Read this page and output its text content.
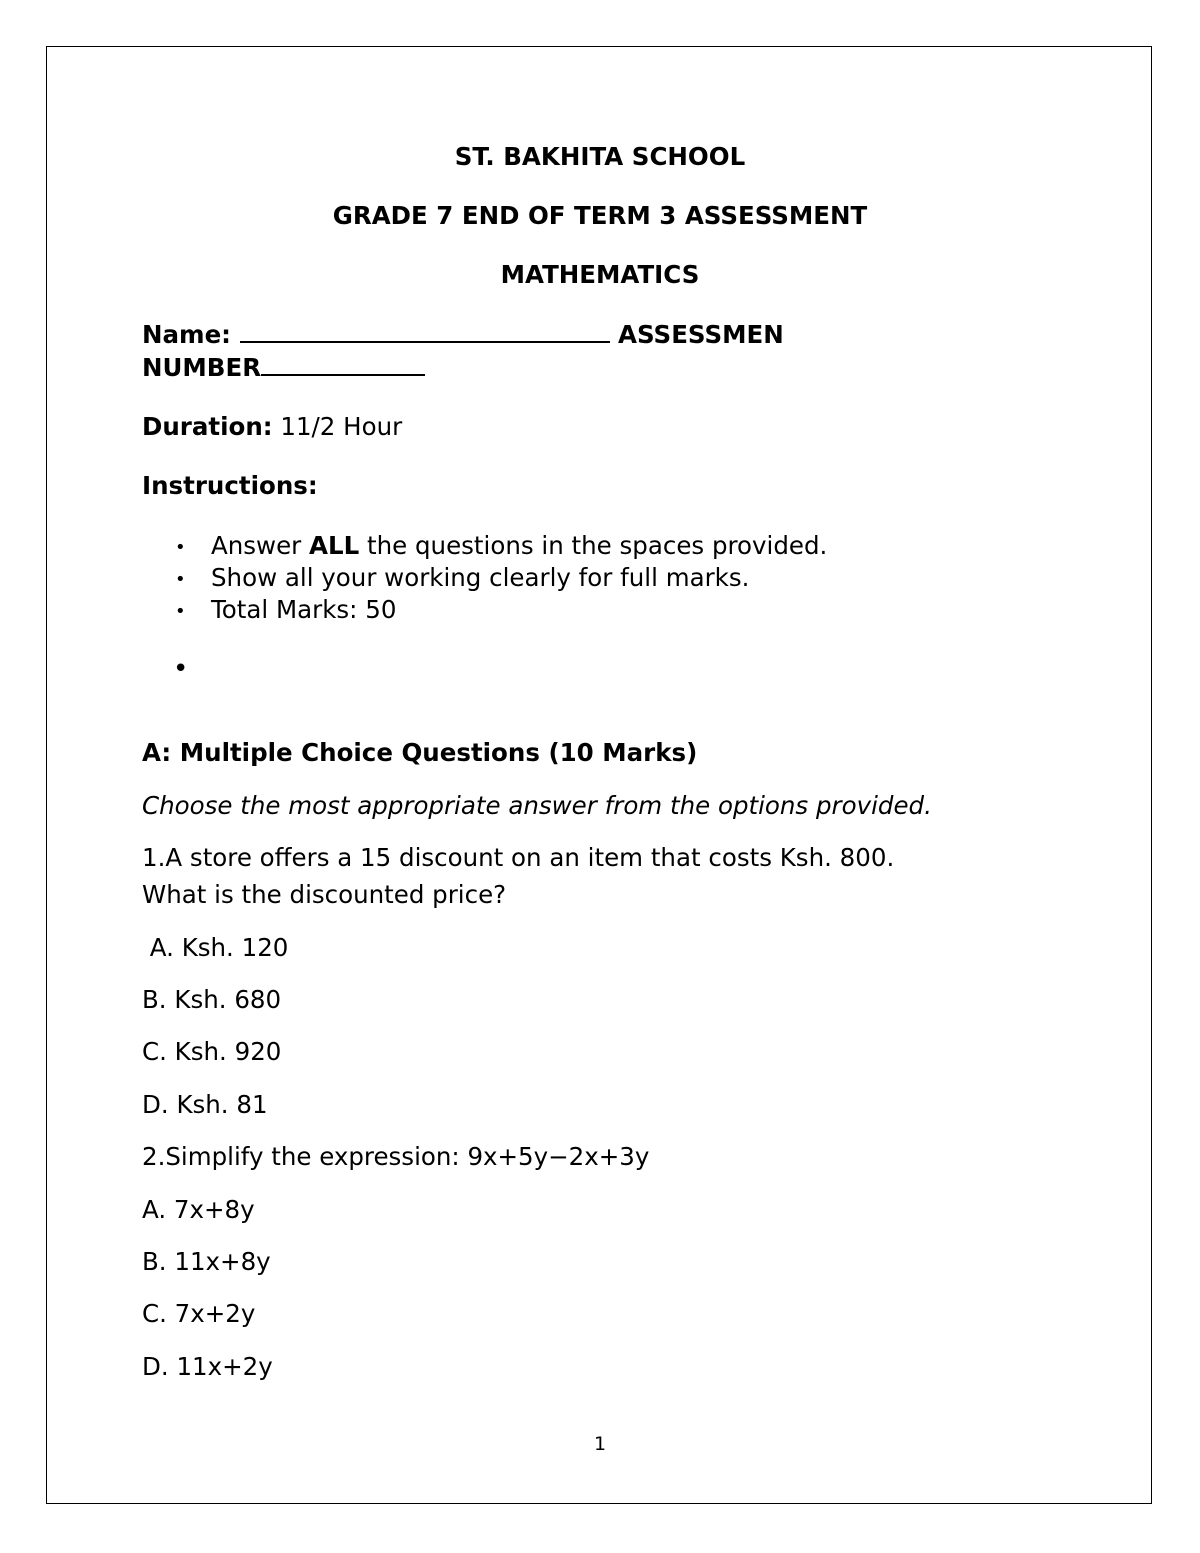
ST. BAKHITA SCHOOL
GRADE 7 END OF TERM 3 ASSESSMENT
MATHEMATICS
Name:	ASSESSMEN
NUMBER
Duration: 11/2 Hour
Instructions:
• Answer ALL the questions in the spaces provided.
• Show all your working clearly for full marks.
• Total Marks: 50
•
A: Multiple Choice Questions (10 Marks)
Choose the most appropriate answer from the options provided.
1.A store offers a 15 discount on an item that costs Ksh. 800.
What is the discounted price?
A. Ksh. 120
B. Ksh. 680
C. Ksh. 920
D. Ksh. 81
2.Simplify the expression: 9x+5y−2x+3y
A. 7x+8y
B. 11x+8y
C. 7x+2y
D. 11x+2y
1
